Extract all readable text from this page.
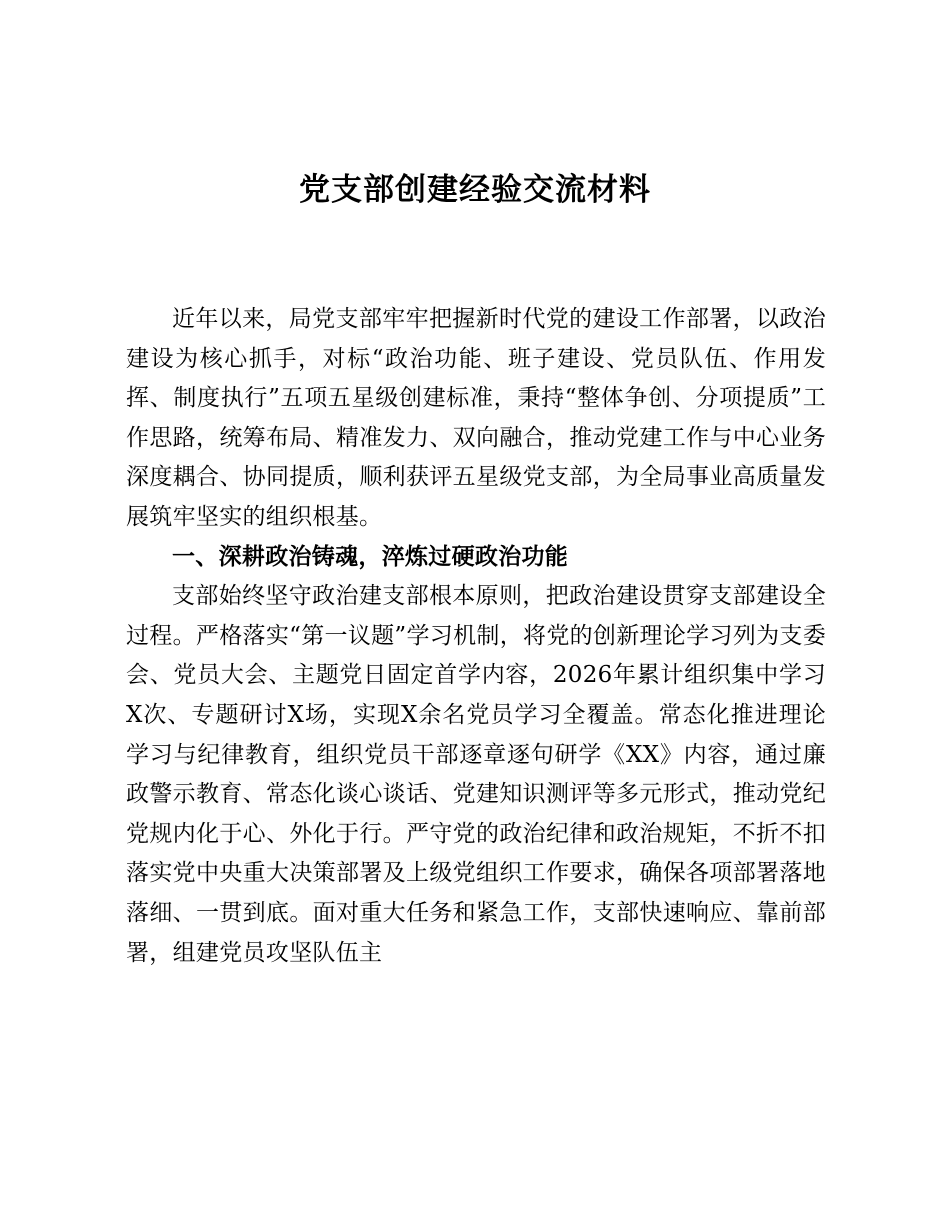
党支部创建经验交流材料

近年以来，局党支部牢牢把握新时代党的建设工作部署，以政治建设为核心抓手，对标“政治功能、班子建设、党员队伍、作用发挥、制度执行”五项五星级创建标准，秉持“整体争创、分项提质”工作思路，统筹布局、精准发力、双向融合，推动党建工作与中心业务深度耦合、协同提质，顺利获评五星级党支部，为全局事业高质量发展筑牢坚实的组织根基。

一、深耕政治铸魂，淬炼过硬政治功能

支部始终坚守政治建支部根本原则，把政治建设贯穿支部建设全过程。严格落实“第一议题”学习机制，将党的创新理论学习列为支委会、党员大会、主题党日固定首学内容，2026年累计组织集中学习X次、专题研讨X场，实现X余名党员学习全覆盖。常态化推进理论学习与纪律教育，组织党员干部逐章逐句研学《XX》内容，通过廉政警示教育、常态化谈心谈话、党建知识测评等多元形式，推动党纪党规内化于心、外化于行。严守党的政治纪律和政治规矩，不折不扣落实党中央重大决策部署及上级党组织工作要求，确保各项部署落地落细、一贯到底。面对重大任务和紧急工作，支部快速响应、靠前部署，组建党员攻坚队伍主
